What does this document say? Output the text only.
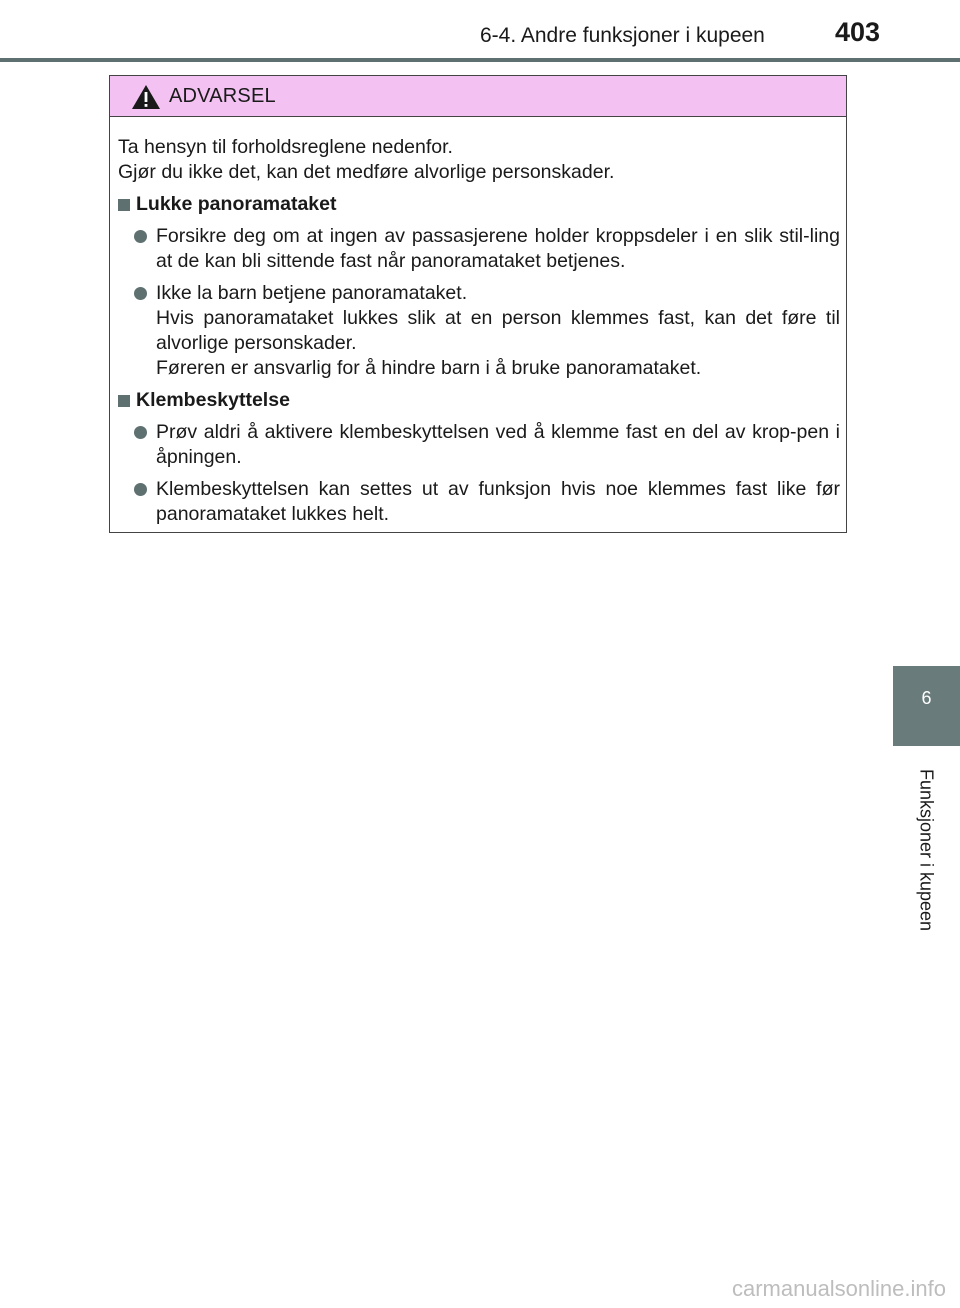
6-4. Andre funksjoner i kupeen	403
ADVARSEL

Ta hensyn til forholdsreglene nedenfor.

Gjør du ikke det, kan det medføre alvorlige personskader.

Lukke panoramataket

Forsikre deg om at ingen av passasjerene holder kroppsdeler i en slik stil-ling at de kan bli sittende fast når panoramataket betjenes.

Ikke la barn betjene panoramataket.

Hvis panoramataket lukkes slik at en person klemmes fast, kan det føre til alvorlige personskader.

Føreren er ansvarlig for å hindre barn i å bruke panoramataket.

Klembeskyttelse

Prøv aldri å aktivere klembeskyttelsen ved å klemme fast en del av krop-pen i åpningen.

Klembeskyttelsen kan settes ut av funksjon hvis noe klemmes fast like før panoramataket lukkes helt.

6
Funksjoner i kupeen
carmanualsonline.info
